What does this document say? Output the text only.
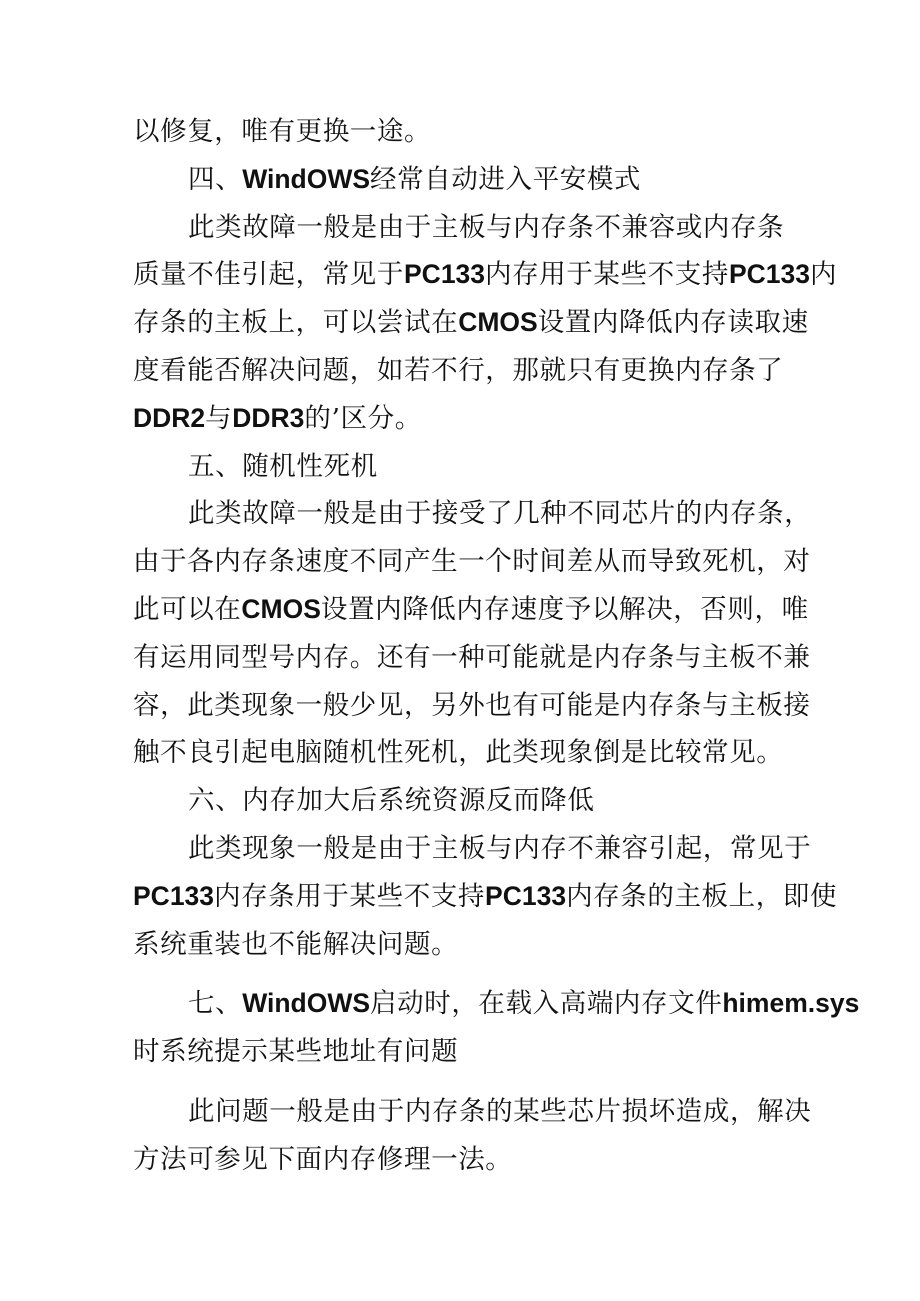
以修复，唯有更换一途。
四、WindOWS经常自动进入平安模式
此类故障一般是由于主板与内存条不兼容或内存条
质量不佳引起，常见于PC133内存用于某些不支持PC133内
存条的主板上，可以尝试在CMOS设置内降低内存读取速
度看能否解决问题，如若不行，那就只有更换内存条了
DDR2与DDR3的’区分。
五、随机性死机
此类故障一般是由于接受了几种不同芯片的内存条，
由于各内存条速度不同产生一个时间差从而导致死机，对
此可以在CMOS设置内降低内存速度予以解决，否则，唯
有运用同型号内存。还有一种可能就是内存条与主板不兼
容，此类现象一般少见，另外也有可能是内存条与主板接
触不良引起电脑随机性死机，此类现象倒是比较常见。
六、内存加大后系统资源反而降低
此类现象一般是由于主板与内存不兼容引起，常见于
PC133内存条用于某些不支持PC133内存条的主板上，即使
系统重装也不能解决问题。
七、WindOWS启动时，在载入高端内存文件himem.sys
时系统提示某些地址有问题
此问题一般是由于内存条的某些芯片损坏造成，解决
方法可参见下面内存修理一法。
